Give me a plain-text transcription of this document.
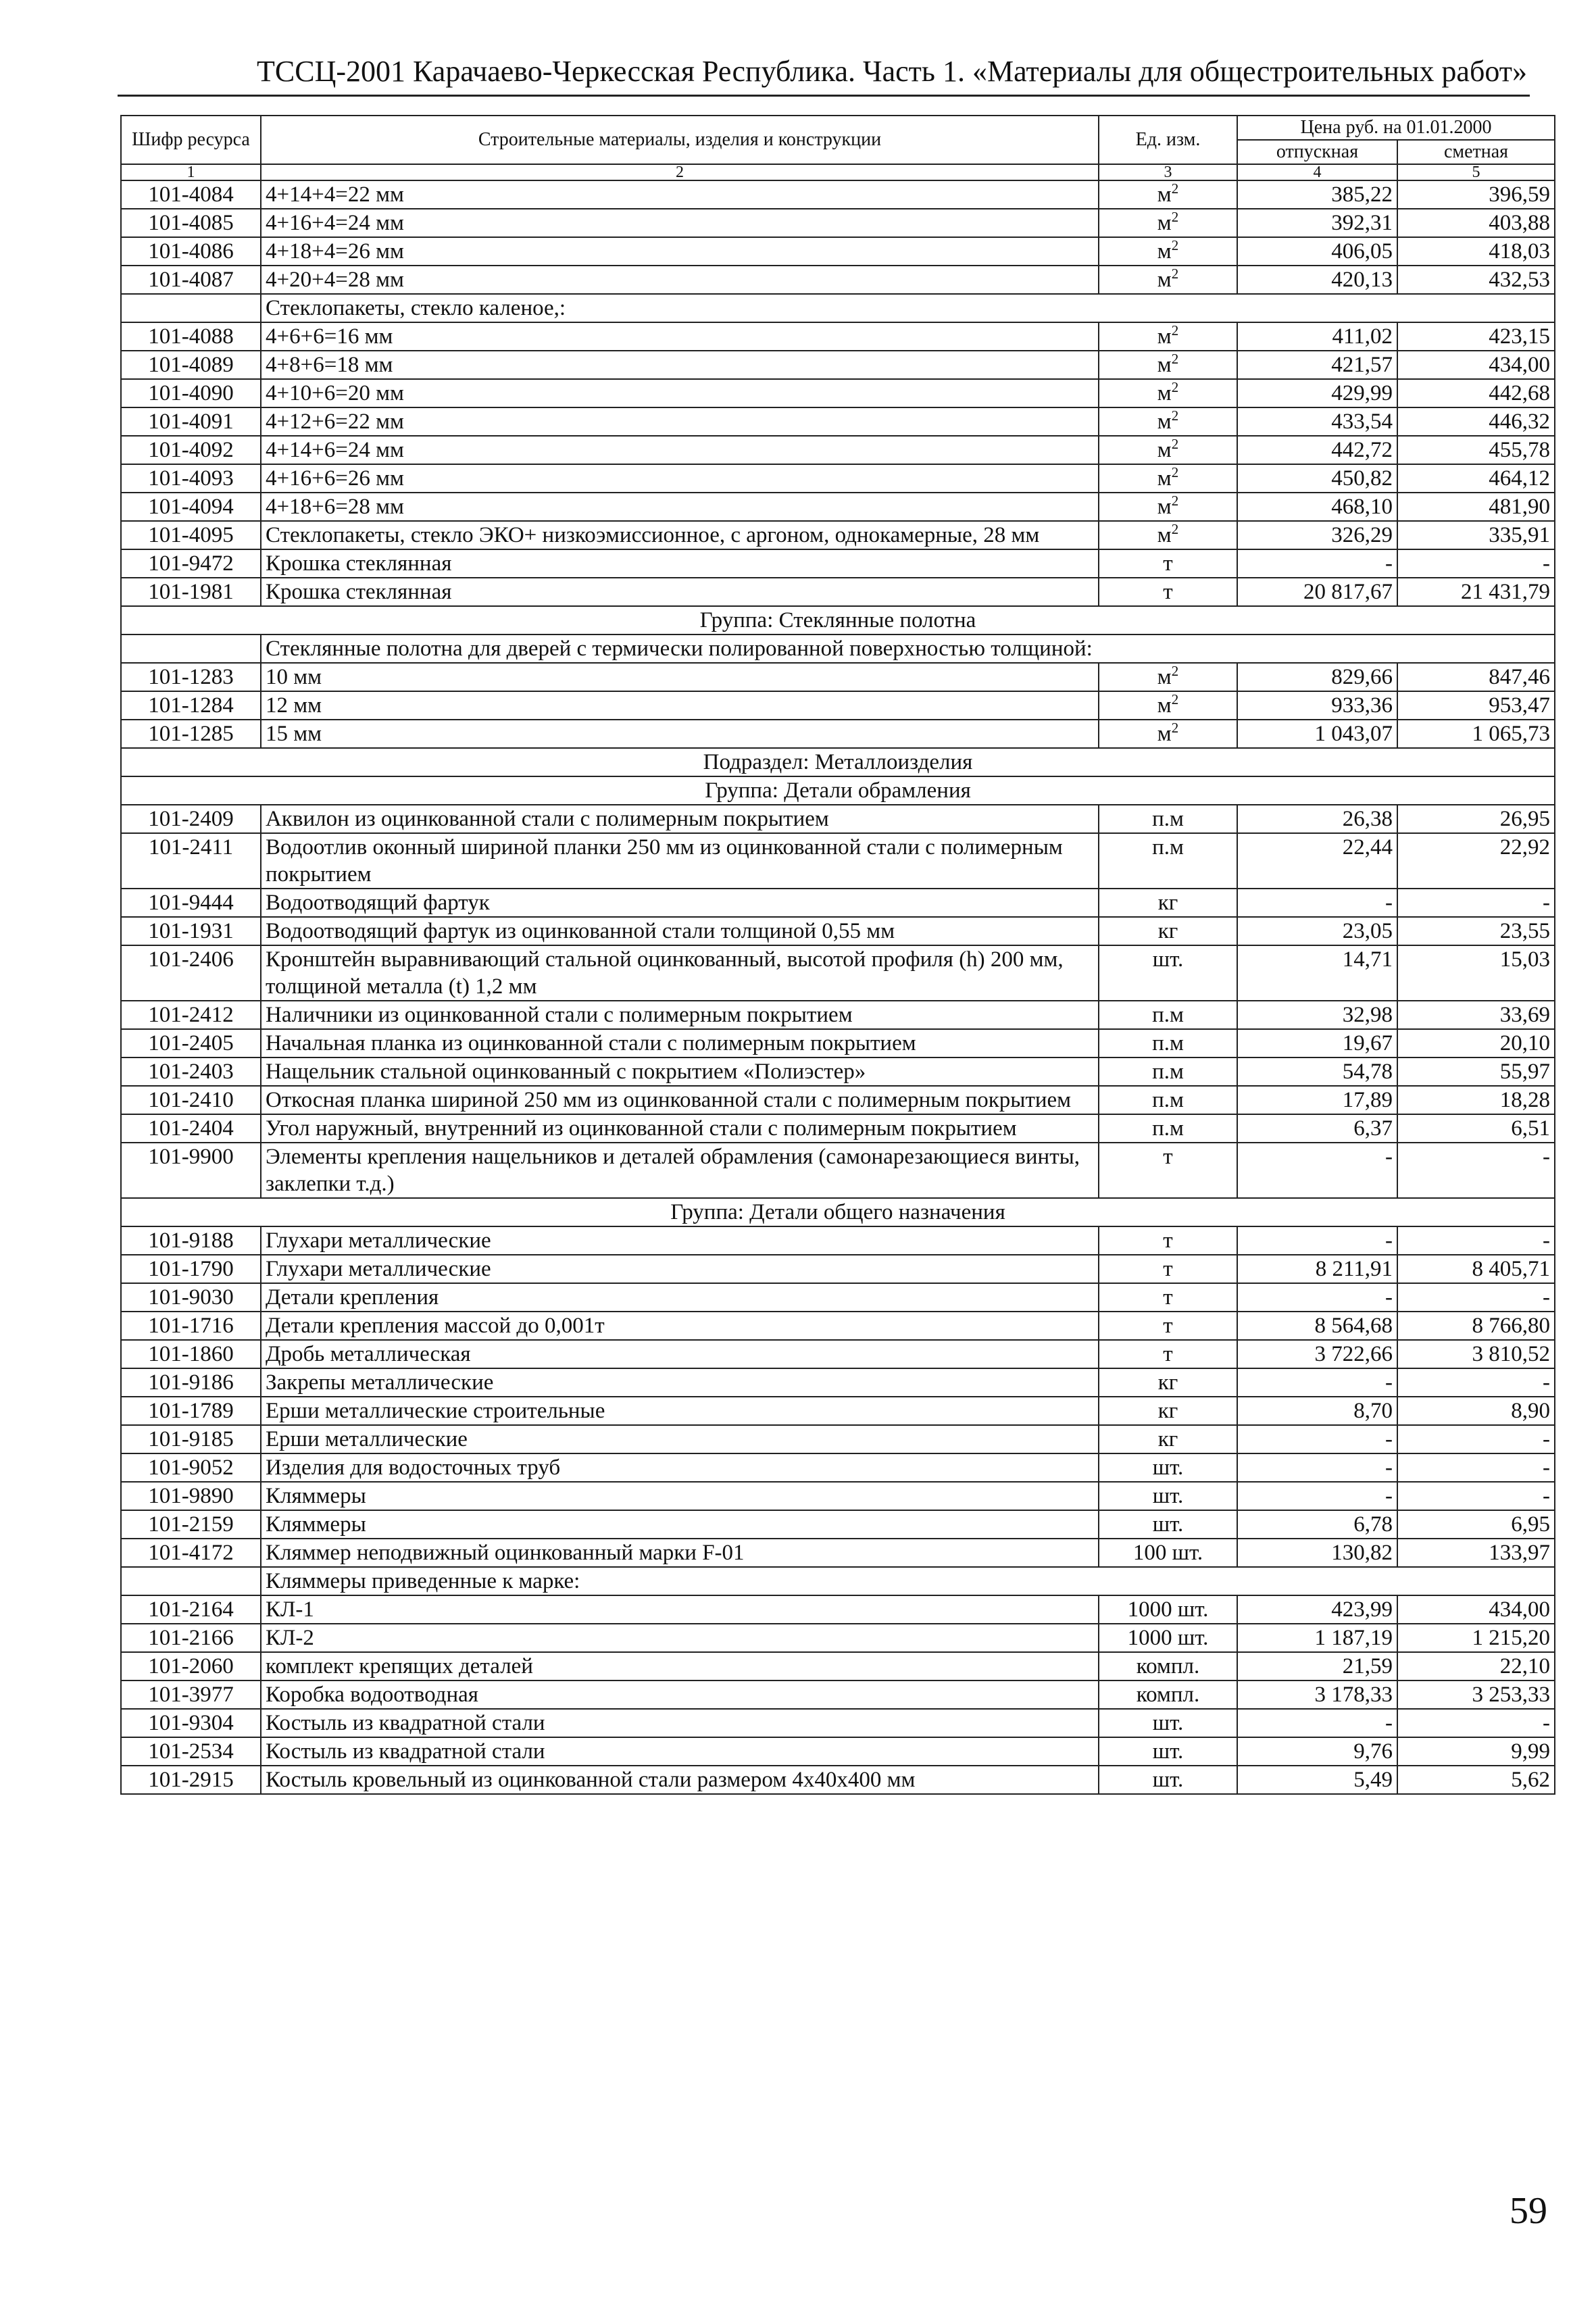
ТССЦ-2001 Карачаево-Черкесская Республика. Часть 1. «Материалы для общестроительных работ»
Шифр ресурса	Строительные материалы, изделия и конструкции	Ед. изм.	Цена руб. на 01.01.2000	
			отпускная	сметная
1	2	3	4	5
101-4084	4+14+4=22 мм	$м^2$	385,22	396,59
101-4085	4+16+4=24 мм	$м^2$	392,31	403,88
101-4086	4+18+4=26 мм	$м^2$	406,05	418,03
101-4087	4+20+4=28 мм	$м^2$	420,13	432,53
	Стеклопакеты, стекло каленое,:			
101-4088	4+6+6=16 мм	$м^2$	411,02	423,15
101-4089	4+8+6=18 мм	$м^2$	421,57	434,00
101-4090	4+10+6=20 мм	$м^2$	429,99	442,68
101-4091	4+12+6=22 мм	$м^2$	433,54	446,32
101-4092	4+14+6=24 мм	$м^2$	442,72	455,78
101-4093	4+16+6=26 мм	$м^2$	450,82	464,12
101-4094	4+18+6=28 мм	$м^2$	468,10	481,90
101-4095	Стеклопакеты, стекло ЭКО+ низкоэмиссионное, с аргоном, однокамерные, 28 мм	$м^2$	326,29	335,91
101-9472	Крошка стеклянная	т	-	-
101-1981	Крошка стеклянная	т	20 817,67	21 431,79
Группа: Стеклянные полотна				
	Стеклянные полотна для дверей с термически полированной поверхностью толщиной:			
101-1283	10 мм	$м^2$	829,66	847,46
101-1284	12 мм	$м^2$	933,36	953,47
101-1285	15 мм	$м^2$	1 043,07	1 065,73
Подраздел: Металлоизделия				
Группа: Детали обрамления				
101-2409	Аквилон из оцинкованной стали с полимерным покрытием	п.м	26,38	26,95
101-2411	Водоотлив оконный шириной планки 250 мм из оцинкованной стали с полимерным покрытием	п.м	22,44	22,92
101-9444	Водоотводящий фартук	кг	-	-
101-1931	Водоотводящий фартук из оцинкованной стали толщиной 0,55 мм	кг	23,05	23,55
101-2406	Кронштейн выравнивающий стальной оцинкованный, высотой профиля (h) 200 мм, толщиной металла (t) 1,2 мм	шт.	14,71	15,03
101-2412	Наличники из оцинкованной стали с полимерным покрытием	п.м	32,98	33,69
101-2405	Начальная планка из оцинкованной стали с полимерным покрытием	п.м	19,67	20,10
101-2403	Нащельник стальной оцинкованный с покрытием «Полиэстер»	п.м	54,78	55,97
101-2410	Откосная планка шириной 250 мм из оцинкованной стали с полимерным покрытием	п.м	17,89	18,28
101-2404	Угол наружный, внутренний из оцинкованной стали с полимерным покрытием	п.м	6,37	6,51
101-9900	Элементы крепления нащельников и деталей обрамления (самонарезающиеся винты, заклепки т.д.)	т	-	-
Группа: Детали общего назначения				
101-9188	Глухари металлические	т	-	-
101-1790	Глухари металлические	т	8 211,91	8 405,71
101-9030	Детали крепления	т	-	-
101-1716	Детали крепления массой до 0,001т	т	8 564,68	8 766,80
101-1860	Дробь металлическая	т	3 722,66	3 810,52
101-9186	Закрепы металлические	кг	-	-
101-1789	Ерши металлические строительные	кг	8,70	8,90
101-9185	Ерши металлические	кг	-	-
101-9052	Изделия для водосточных труб	шт.	-	-
101-9890	Кляммеры	шт.	-	-
101-2159	Кляммеры	шт.	6,78	6,95
101-4172	Кляммер неподвижный оцинкованный марки F-01	100 шт.	130,82	133,97
	Кляммеры приведенные к марке:			
101-2164	КЛ-1	1000 шт.	423,99	434,00
101-2166	КЛ-2	1000 шт.	1 187,19	1 215,20
101-2060	комплект крепящих деталей	компл.	21,59	22,10
101-3977	Коробка водоотводная	компл.	3 178,33	3 253,33
101-9304	Костыль из квадратной стали	шт.	-	-
101-2534	Костыль из квадратной стали	шт.	9,76	9,99
101-2915	Костыль кровельный из оцинкованной стали размером 4х40х400 мм	шт.	5,49	5,62
59
